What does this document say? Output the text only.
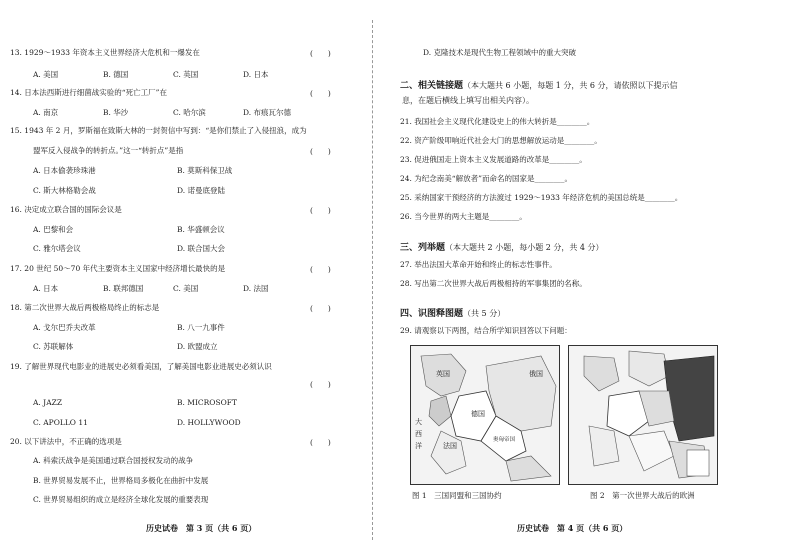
13. 1929～1933 年资本主义世界经济大危机和一爆发在	(　　)
A. 美国	B. 德国	C. 英国	D. 日本
14. 日本法西斯进行细菌战实验的“死亡工厂”在	(　　)
A. 南京	B. 华沙	C. 哈尔滨	D. 布痕瓦尔德
15. 1943 年 2 月，罗斯福在致斯大林的一封贺信中写到：“是你们禁止了入侵扭浪，成为
盟军反入侵战争的转折点。”这一“转折点”是指	(　　)
A. 日本偷袭珍珠港	B. 莫斯科保卫战
C. 斯大林格勒会战	D. 诺曼底登陆
16. 决定成立联合国的国际会议是	(　　)
A. 巴黎和会	B. 华盛顿会议
C. 雅尔塔会议	D. 联合国大会
17. 20 世纪 50～70 年代主要资本主义国家中经济增长最快的是	(　　)
A. 日本	B. 联邦德国	C. 美国	D. 法国
18. 第二次世界大战后两极格局终止的标志是	(　　)
A. 戈尔巴乔夫改革	B. 八一九事件
C. 苏联解体	D. 欧盟成立
19. 了解世界现代电影业的进展史必须看美国，了解美国电影业进展史必须认识
(　　)
A. JAZZ	B. MICROSOFT
C. APOLLO 11	D. HOLLYWOOD
20. 以下讲法中，不正确的选项是	(　　)
A. 科索沃战争是美国通过联合国授权发动的战争
B. 世界贸易发展不止，世界格局多极化在曲折中发展
C. 世界贸易组织的成立是经济全球化发展的重要表现
历史试卷　第 3 页（共 6 页）
D. 克隆技术是现代生物工程领域中的重大突破
二、相关链接题（本大题共 6 小题，每题 1 分，共 6 分，请依照以下提示信
息，在题后横线上填写出相关内容）。
21. 我国社会主义现代化建设史上的伟大转折是________。
22. 资产阶级叩响近代社会大门的思想解放运动是________。
23. 促进俄国走上资本主义发展道路的改革是________。
24. 为纪念南美“解放者”而命名的国家是________。
25. 采纳国家干预经济的方法渡过 1929～1933 年经济危机的美国总统是________。
26. 当今世界的两大主题是________。
三、列举题（本大题共 2 小题，每小题 2 分，共 4 分）
27. 举出法国大革命开始和终止的标志性事件。
28. 写出第二次世界大战后两极相持的军事集团的名称。
四、识图释图题（共 5 分）
29. 请观察以下两图，结合所学知识回答以下问题：
俄国
英国
德国
法国
奥匈帝国
大
西
洋
图 1　三国同盟和三国协约	图 2　第一次世界大战后的欧洲
历史试卷　第 4 页（共 6 页）
